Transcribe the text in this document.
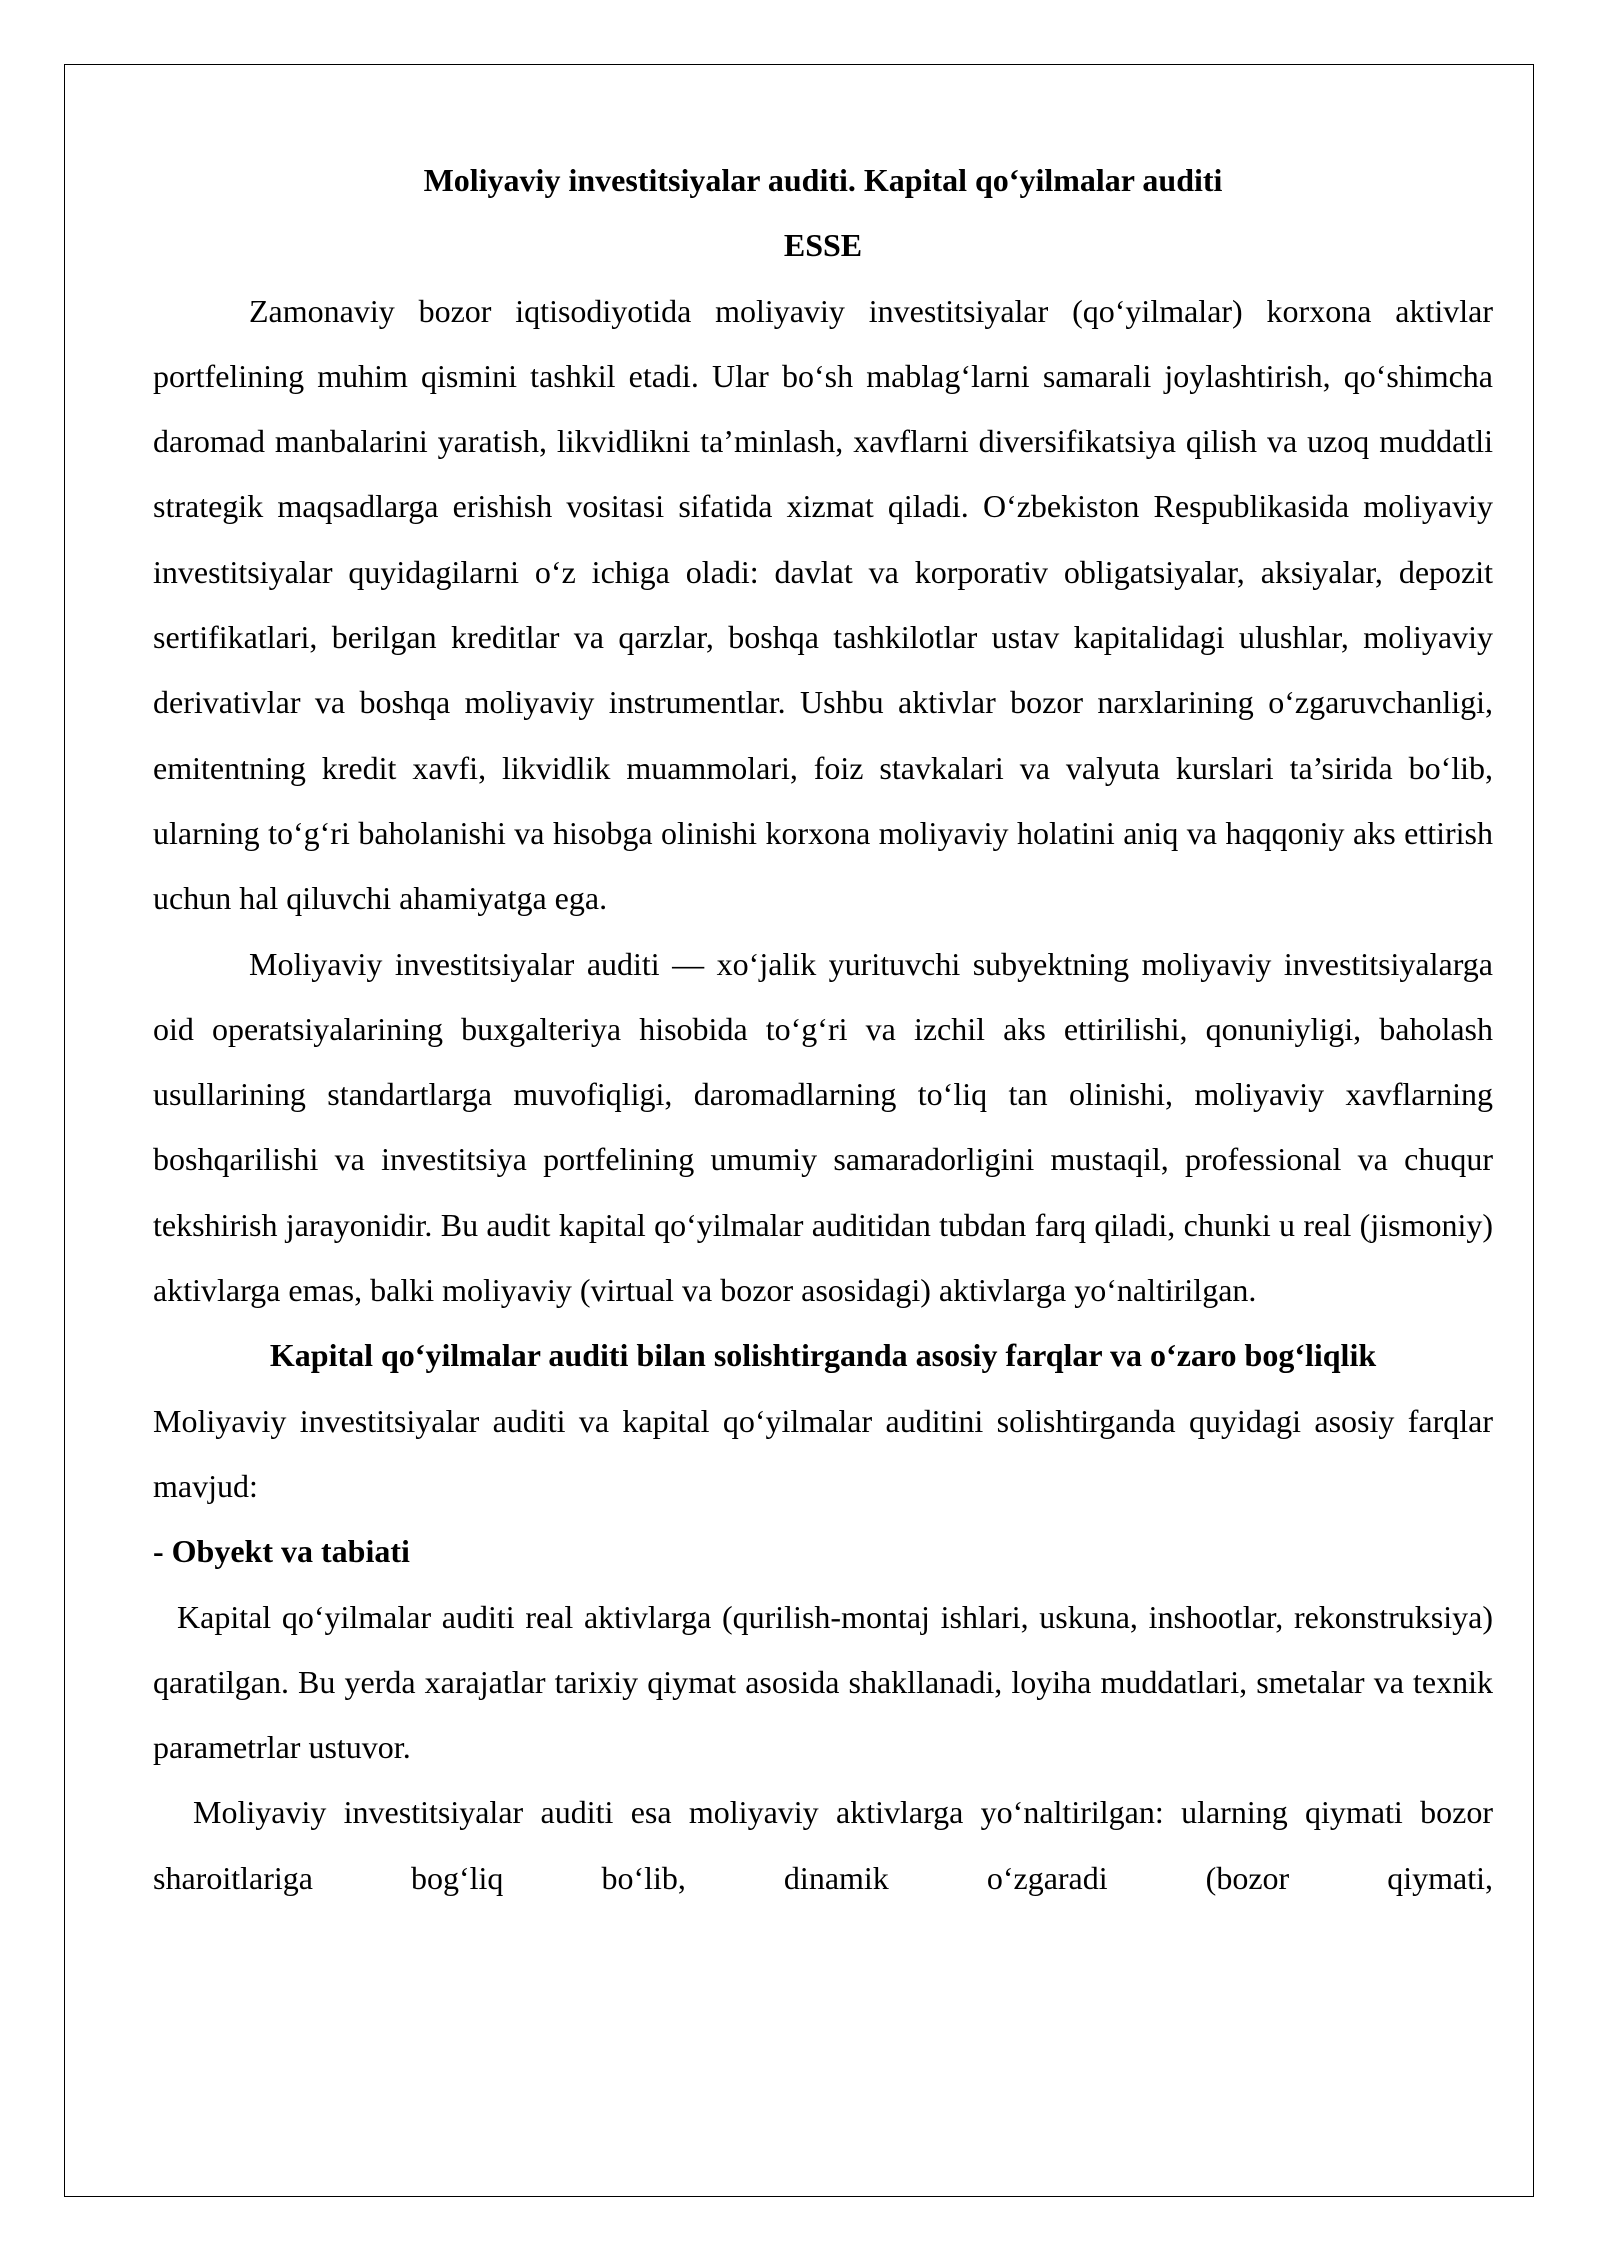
Moliyaviy investitsiyalar auditi. Kapital qo‘yilmalar auditi

ESSE

Zamonaviy bozor iqtisodiyotida moliyaviy investitsiyalar (qo‘yilmalar) korxona aktivlar portfelining muhim qismini tashkil etadi. Ular bo‘sh mablag‘larni samarali joylashtirish, qo‘shimcha daromad manbalarini yaratish, likvidlikni ta’minlash, xavflarni diversifikatsiya qilish va uzoq muddatli strategik maqsadlarga erishish vositasi sifatida xizmat qiladi. O‘zbekiston Respublikasida moliyaviy investitsiyalar quyidagilarni o‘z ichiga oladi: davlat va korporativ obligatsiyalar, aksiyalar, depozit sertifikatlari, berilgan kreditlar va qarzlar, boshqa tashkilotlar ustav kapitalidagi ulushlar, moliyaviy derivativlar va boshqa moliyaviy instrumentlar. Ushbu aktivlar bozor narxlarining o‘zgaruvchanligi, emitentning kredit xavfi, likvidlik muammolari, foiz stavkalari va valyuta kurslari ta’sirida bo‘lib, ularning to‘g‘ri baholanishi va hisobga olinishi korxona moliyaviy holatini aniq va haqqoniy aks ettirish uchun hal qiluvchi ahamiyatga ega.

Moliyaviy investitsiyalar auditi — xo‘jalik yurituvchi subyektning moliyaviy investitsiyalarga oid operatsiyalarining buxgalteriya hisobida to‘g‘ri va izchil aks ettirilishi, qonuniyligi, baholash usullarining standartlarga muvofiqligi, daromadlarning to‘liq tan olinishi, moliyaviy xavflarning boshqarilishi va investitsiya portfelining umumiy samaradorligini mustaqil, professional va chuqur tekshirish jarayonidir. Bu audit kapital qo‘yilmalar auditidan tubdan farq qiladi, chunki u real (jismoniy) aktivlarga emas, balki moliyaviy (virtual va bozor asosidagi) aktivlarga yo‘naltirilgan.

Kapital qo‘yilmalar auditi bilan solishtirganda asosiy farqlar va o‘zaro bog‘liqlik

Moliyaviy investitsiyalar auditi va kapital qo‘yilmalar auditini solishtirganda quyidagi asosiy farqlar mavjud:

- Obyekt va tabiati

Kapital qo‘yilmalar auditi real aktivlarga (qurilish-montaj ishlari, uskuna, inshootlar, rekonstruksiya) qaratilgan. Bu yerda xarajatlar tarixiy qiymat asosida shakllanadi, loyiha muddatlari, smetalar va texnik parametrlar ustuvor.

Moliyaviy investitsiyalar auditi esa moliyaviy aktivlarga yo‘naltirilgan: ularning qiymati bozor sharoitlariga bog‘liq bo‘lib, dinamik o‘zgaradi (bozor qiymati,
